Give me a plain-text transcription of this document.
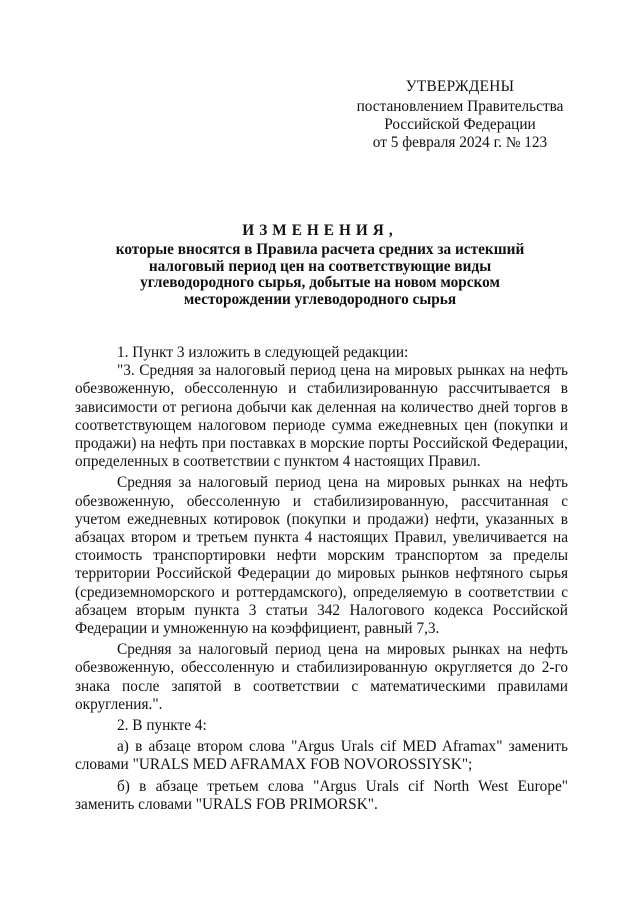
УТВЕРЖДЕНЫ
постановлением Правительства
Российской Федерации
от 5 февраля 2024 г. № 123
ИЗМЕНЕНИЯ,
которые вносятся в Правила расчета средних за истекший
налоговый период цен на соответствующие виды
углеводородного сырья, добытые на новом морском
месторождении углеводородного сырья

1. Пункт 3 изложить в следующей редакции:

"3. Средняя за налоговый период цена на мировых рынках на нефть обезвоженную, обессоленную и стабилизированную рассчитывается в зависимости от региона добычи как деленная на количество дней торгов в соответствующем налоговом периоде сумма ежедневных цен (покупки и продажи) на нефть при поставках в морские порты Российской Федерации, определенных в соответствии с пунктом 4 настоящих Правил.

Средняя за налоговый период цена на мировых рынках на нефть обезвоженную, обессоленную и стабилизированную, рассчитанная с учетом ежедневных котировок (покупки и продажи) нефти, указанных в абзацах втором и третьем пункта 4 настоящих Правил, увеличивается на стоимость транспортировки нефти морским транспортом за пределы территории Российской Федерации до мировых рынков нефтяного сырья (средиземноморского и роттердамского), определяемую в соответствии с абзацем вторым пункта 3 статьи 342 Налогового кодекса Российской Федерации и умноженную на коэффициент, равный 7,3.

Средняя за налоговый период цена на мировых рынках на нефть обезвоженную, обессоленную и стабилизированную округляется до 2-го знака после запятой в соответствии с математическими правилами округления.".

2. В пункте 4:

а) в абзаце втором слова "Argus Urals cif MED Aframax" заменить словами "URALS MED AFRAMAX FOB NOVOROSSIYSK";

б) в абзаце третьем слова "Argus Urals cif North West Europe" заменить словами "URALS FOB PRIMORSK".
